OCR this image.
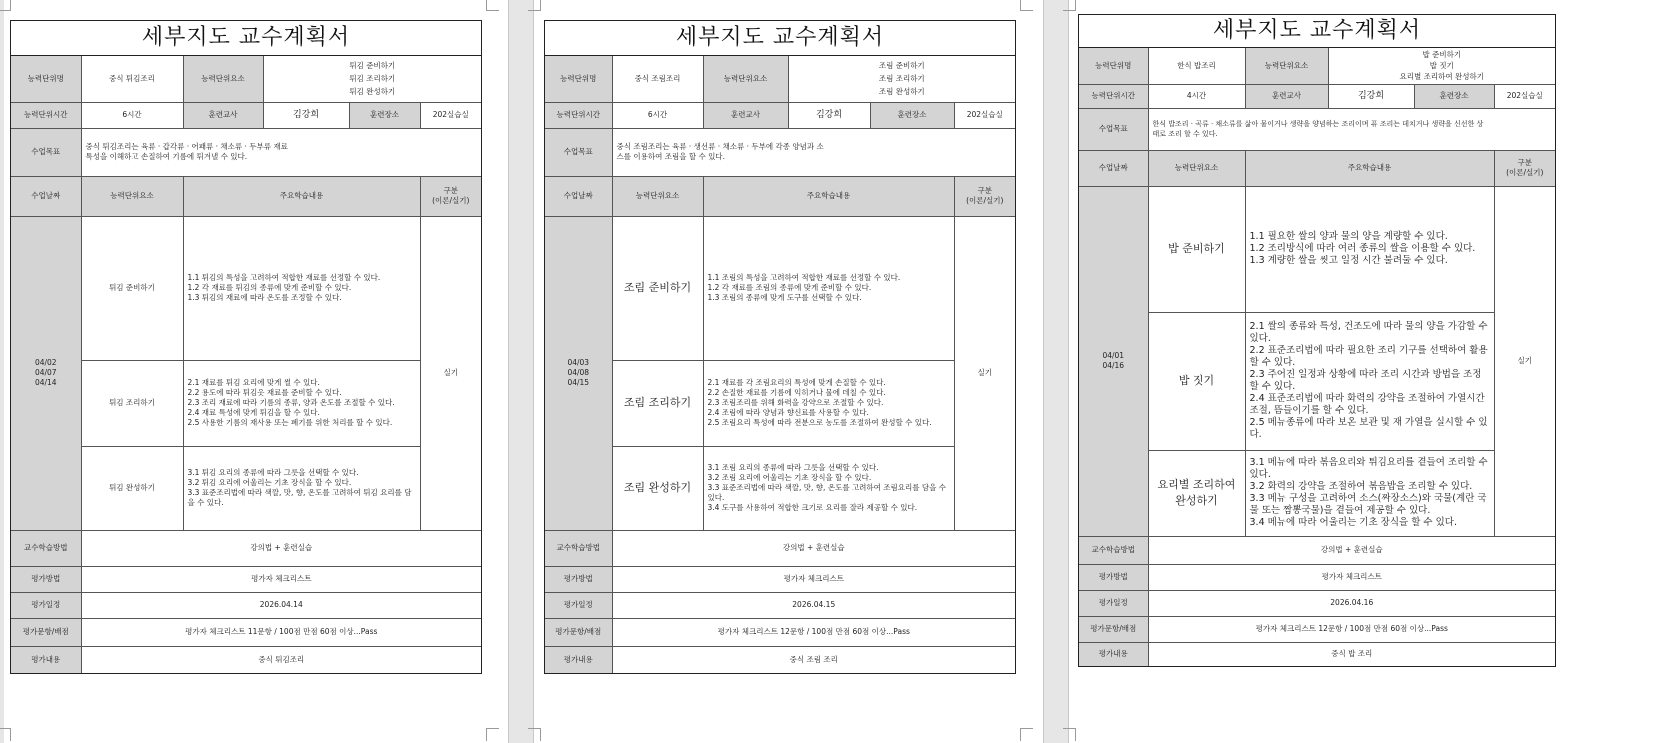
세부지도 교수계획서
능력단위명	중식 튀김조리	능력단위요소	튀김 준비하기
튀김 조리하기
튀김 완성하기		

능력단위시간	6시간	훈련교사	김강희	훈련장소	202실습실
수업목표	중식 튀김조리는 육류 · 갑각류 · 어패류 · 채소류 · 두부류 재료
특성을 이해하고 손질하여 기름에 튀겨낼 수 있다.				
수업날짜	능력단위요소	주요학습내용			구분
(이론/실기)
04/02
04/07
04/14	튀김 준비하기	1.1 튀김의 특성을 고려하여 적합한 재료를 선정할 수 있다.
1.2 각 재료를 튀김의 종류에 맞게 준비할 수 있다.
1.3 튀김의 재료에 따라 온도를 조정할 수 있다.			실기
	튀김 조리하기	2.1 재료를 튀김 요리에 맞게 썰 수 있다.
2.2 용도에 따라 튀김옷 재료를 준비할 수 있다.
2.3 조리 재료에 따라 기름의 종류, 양과 온도를 조절할 수 있다.
2.4 재료 특성에 맞게 튀김을 할 수 있다.
2.5 사용한 기름의 재사용 또는 폐기를 위한 처리를 할 수 있다.			
	튀김 완성하기	3.1 튀김 요리의 종류에 따라 그릇을 선택할 수 있다.
3.2 튀김 요리에 어울리는 기초 장식을 할 수 있다.
3.3 표준조리법에 따라 색깔, 맛, 향, 온도를 고려하여 튀김 요리를 담을 수 있다.			
교수학습방법	강의법 + 훈련실습				
평가방법	평가자 체크리스트				
평가일정	2026.04.14				
평가문항/배점	평가자 체크리스트 11문항 / 100점 만점 60점 이상...Pass				
평가내용	중식 튀김조리				
세부지도 교수계획서
능력단위명	중식 조림조리	능력단위요소	조림 준비하기
조림 조리하기
조림 완성하기		

능력단위시간	6시간	훈련교사	김강희	훈련장소	202실습실
수업목표	중식 조림조리는 육류 · 생선류 · 채소류 · 두부에 각종 양념과 소
스를 이용하여 조림을 할 수 있다.				
수업날짜	능력단위요소	주요학습내용			구분
(이론/실기)
04/03
04/08
04/15	조림 준비하기	1.1 조림의 특성을 고려하여 적합한 재료를 선정할 수 있다.
1.2 각 재료를 조림의 종류에 맞게 준비할 수 있다.
1.3 조림의 종류에 맞게 도구를 선택할 수 있다.			실기
	조림 조리하기	2.1 재료를 각 조림요리의 특성에 맞게 손질할 수 있다.
2.2 손질한 재료를 기름에 익히거나 물에 데칠 수 있다.
2.3 조림조리를 위해 화력을 강약으로 조절할 수 있다.
2.4 조림에 따라 양념과 향신료를 사용할 수 있다.
2.5 조림요리 특성에 따라 전분으로 농도를 조절하여 완성할 수 있다.			
	조림 완성하기	3.1 조림 요리의 종류에 따라 그릇을 선택할 수 있다.
3.2 조림 요리에 어울리는 기초 장식을 할 수 있다.
3.3 표준조리법에 따라 색깔, 맛, 향, 온도를 고려하여 조림요리를 담을 수 있다.
3.4 도구를 사용하여 적합한 크기로 요리를 잘라 제공할 수 있다.			
교수학습방법	강의법 + 훈련실습				
평가방법	평가자 체크리스트				
평가일정	2026.04.15				
평가문항/배점	평가자 체크리스트 12문항 / 100점 만점 60점 이상...Pass				
평가내용	중식 조림 조리				
세부지도 교수계획서
능력단위명	한식 밥조리	능력단위요소	밥 준비하기
밥 짓기
요리별 조리하여 완성하기		

능력단위시간	4시간	훈련교사	김강희	훈련장소	202실습실
수업목표	한식 밥조리 · 곡류 · 채소류를 삶아 물이거나 생략을 양념하는 조리이며 퓨 조리는 데치거나 생략을 신선한 상
태로 조리 할 수 있다.				
수업날짜	능력단위요소	주요학습내용			구분
(이론/실기)
04/01
04/16	밥 준비하기	1.1 필요한 쌀의 양과 물의 양을 계량할 수 있다.
1.2 조리방식에 따라 여러 종류의 쌀을 이용할 수 있다.
1.3 계량한 쌀을 씻고 일정 시간 불려둘 수 있다.			실기
	밥 짓기	2.1 쌀의 종류와 특성, 건조도에 따라 물의 양을 가감할 수 있다.
2.2 표준조리법에 따라 필요한 조리 기구를 선택하여 활용할 수 있다.
2.3 주어진 일정과 상황에 따라 조리 시간과 방법을 조정할 수 있다.
2.4 표준조리법에 따라 화력의 강약을 조절하여 가열시간 조절, 뜸들이기를 할 수 있다.
2.5 메뉴종류에 따라 보온 보관 및 재 가열을 실시할 수 있다.			
	요리별 조리하여 완성하기	3.1 메뉴에 따라 볶음요리와 튀김요리를 곁들여 조리할 수 있다.
3.2 화력의 강약을 조절하여 볶음밥을 조리할 수 있다.
3.3 메뉴 구성을 고려하여 소스(짜장소스)와 국물(계란 국물 또는 짬뽕국물)을 곁들여 제공할 수 있다.
3.4 메뉴에 따라 어울리는 기초 장식을 할 수 있다.			
교수학습방법	강의법 + 훈련실습				
평가방법	평가자 체크리스트				
평가일정	2026.04.16				
평가문항/배점	평가자 체크리스트 12문항 / 100점 만점 60점 이상...Pass				
평가내용	중식 밥 조리				
